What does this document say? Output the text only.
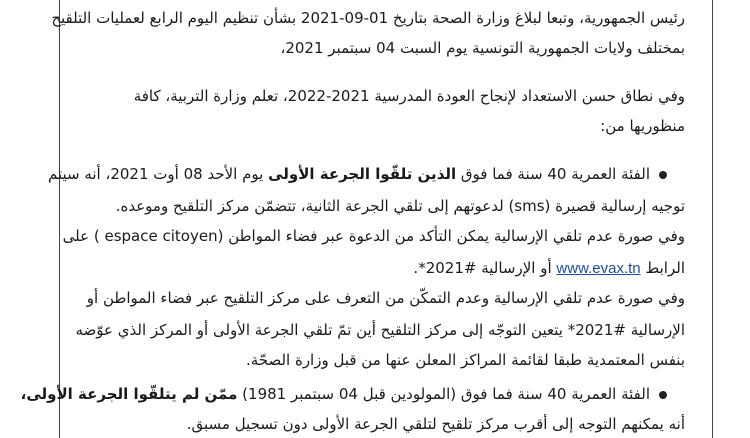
رئيس الجمهورية، وتبعا لبلاغ وزارة الصحة بتاريخ 01-09-2021 بشأن تنظيم اليوم الرابع لعمليات التلقيح
بمختلف ولايات الجمهورية التونسية يوم السبت 04 سبتمبر 2021،
وفي نطاق حسن الاستعداد لإنجاح العودة المدرسية 2021-2022، تعلم وزارة التربية، كافة
منظوريها من:
الفئة العمرية 40 سنة فما فوق الذين تلقّوا الجرعة الأولى يوم الأحد 08 أوت 2021، أنه سيتم
توجيه إرسالية قصيرة (sms) لدعوتهم إلى تلقي الجرعة الثانية، تتضمّن مركز التلقيح وموعده.
وفي صورة عدم تلقي الإرسالية يمكن التأكد من الدعوة عبر فضاء المواطن (espace citoyen ) على
الرابط www.evax.tn أو الإرسالية #2021*.
وفي صورة عدم تلقي الإرسالية وعدم التمكّن من التعرف على مركز التلقيح عبر فضاء المواطن أو
الإرسالية #2021* يتعين التوجّه إلى مركز التلقيح أين تمّ تلقي الجرعة الأولى أو المركز الذي عوّضه
بنفس المعتمدية طبقا لقائمة المراكز المعلن عنها من قبل وزارة الصحّة.
الفئة العمرية 40 سنة فما فوق (المولودين قبل 04 سبتمبر 1981) ممّن لم يتلقّوا الجرعة الأولى،
أنه يمكنهم التوجه إلى أقرب مركز تلقيح لتلقي الجرعة الأولى دون تسجيل مسبق.
